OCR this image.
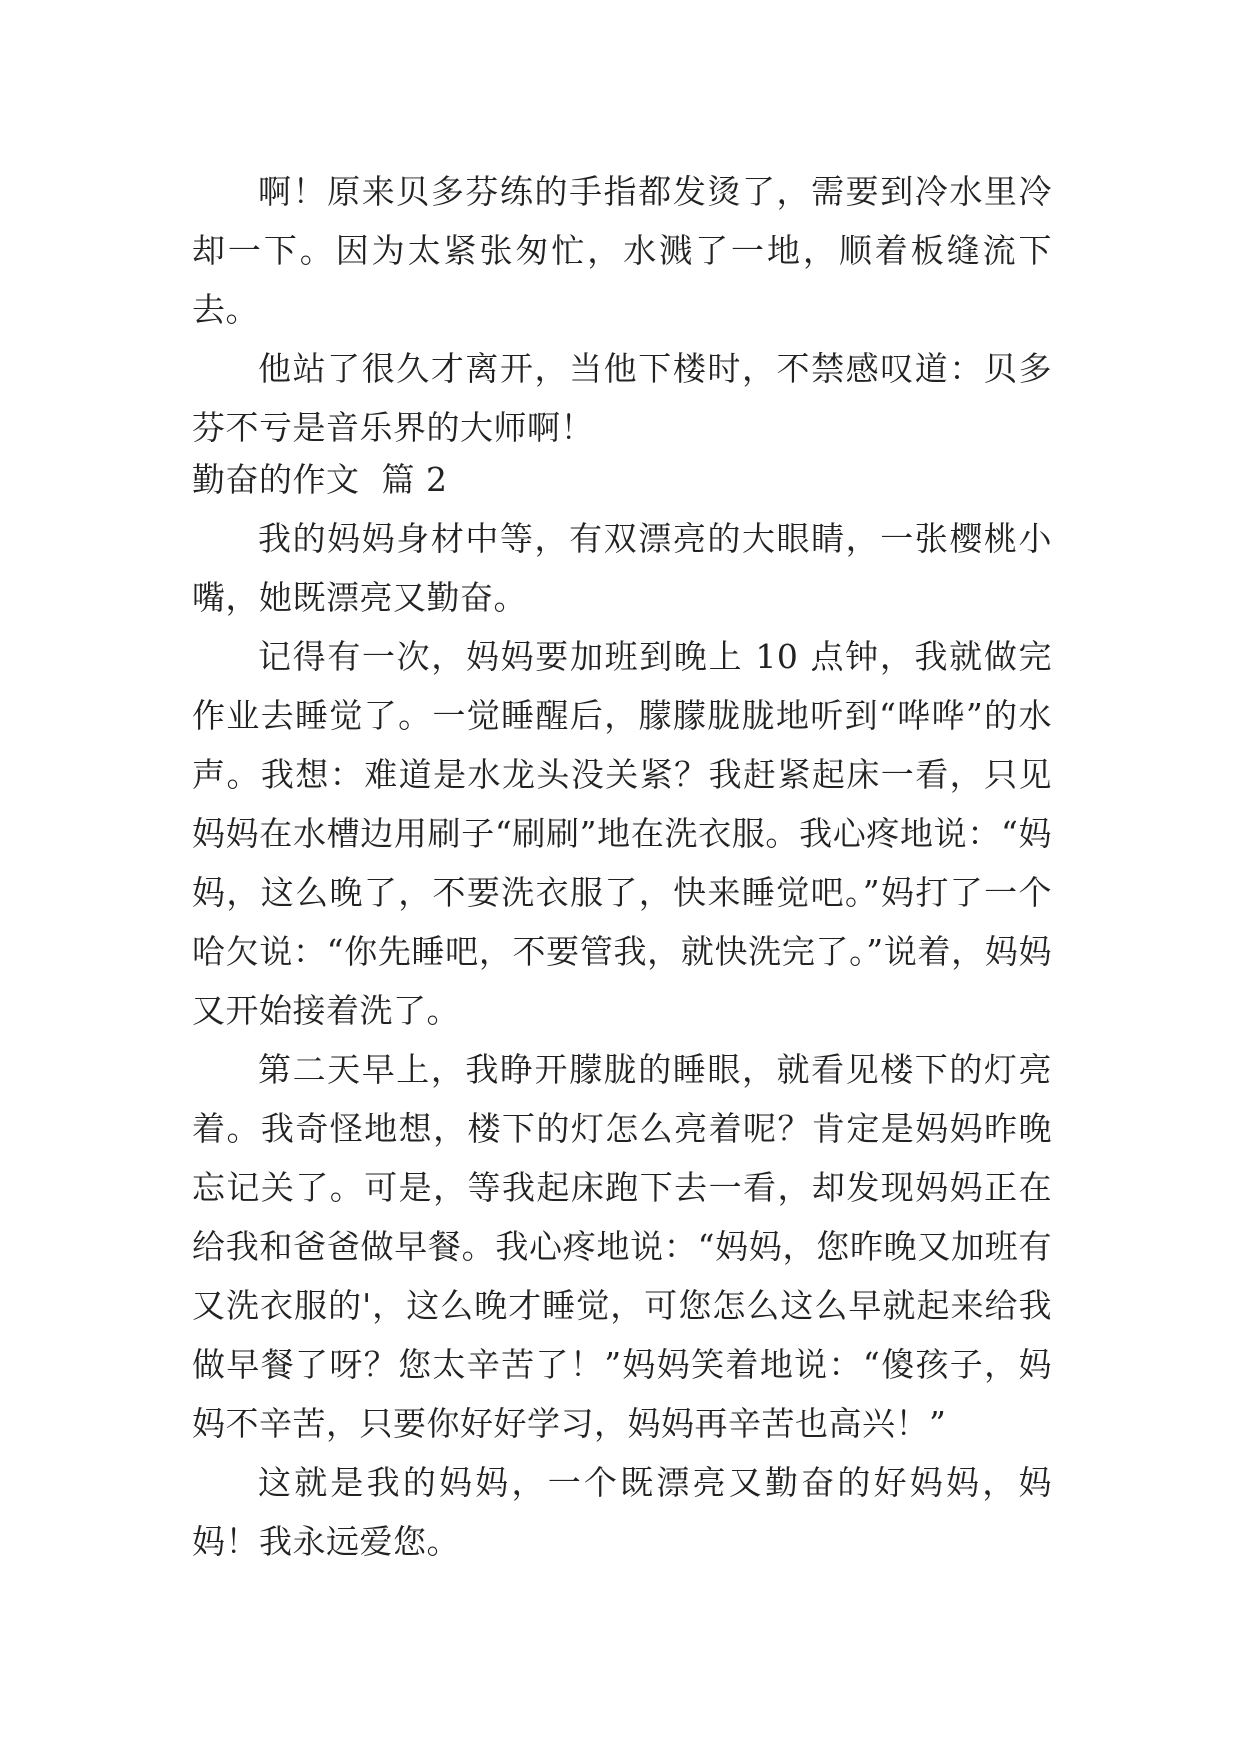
啊！原来贝多芬练的手指都发烫了，需要到冷水里冷却一下。因为太紧张匆忙，水溅了一地，顺着板缝流下去。

他站了很久才离开，当他下楼时，不禁感叹道：贝多芬不亏是音乐界的大师啊！

勤奋的作文  篇 2

我的妈妈身材中等，有双漂亮的大眼睛，一张樱桃小嘴，她既漂亮又勤奋。

记得有一次，妈妈要加班到晚上 10 点钟，我就做完作业去睡觉了。一觉睡醒后，朦朦胧胧地听到“哗哗”的水声。我想：难道是水龙头没关紧？我赶紧起床一看，只见妈妈在水槽边用刷子“刷刷”地在洗衣服。我心疼地说：“妈妈，这么晚了，不要洗衣服了，快来睡觉吧。”妈打了一个哈欠说：“你先睡吧，不要管我，就快洗完了。”说着，妈妈又开始接着洗了。

第二天早上，我睁开朦胧的睡眼，就看见楼下的灯亮着。我奇怪地想，楼下的灯怎么亮着呢？肯定是妈妈昨晚忘记关了。可是，等我起床跑下去一看，却发现妈妈正在给我和爸爸做早餐。我心疼地说：“妈妈，您昨晚又加班有又洗衣服的'，这么晚才睡觉，可您怎么这么早就起来给我做早餐了呀？您太辛苦了！”妈妈笑着地说：“傻孩子，妈妈不辛苦，只要你好好学习，妈妈再辛苦也高兴！”

这就是我的妈妈，一个既漂亮又勤奋的好妈妈，妈妈！我永远爱您。
